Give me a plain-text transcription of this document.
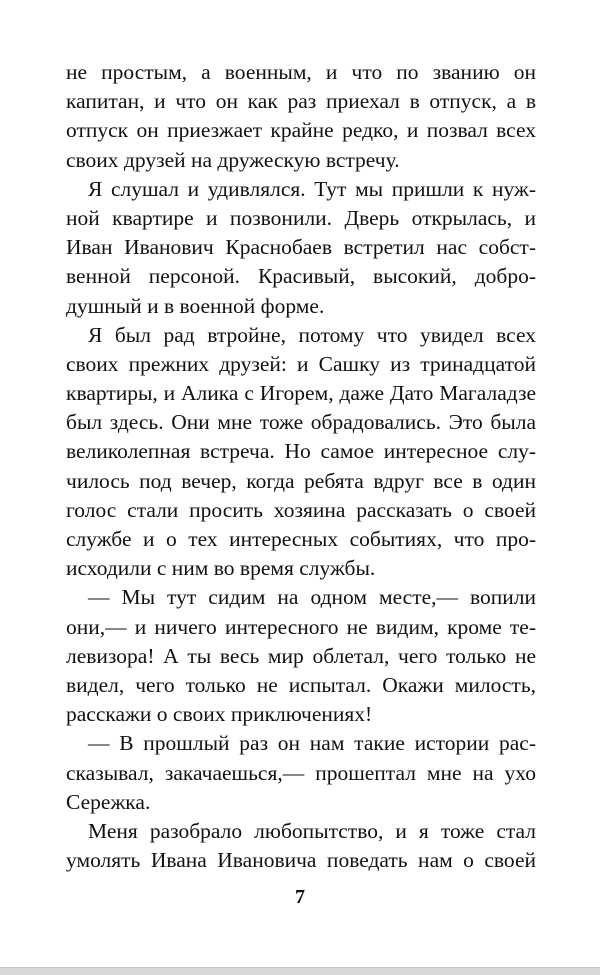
не простым, а военным, и что по званию он
капитан, и что он как раз приехал в отпуск, а в
отпуск он приезжает крайне редко, и позвал всех
своих друзей на дружескую встречу.
Я слушал и удивлялся. Тут мы пришли к нуж-
ной квартире и позвонили. Дверь открылась, и
Иван Иванович Краснобаев встретил нас собст-
венной персоной. Красивый, высокий, добро-
душный и в военной форме.
Я был рад втройне, потому что увидел всех
своих прежних друзей: и Сашку из тринадцатой
квартиры, и Алика с Игорем, даже Дато Магаладзе
был здесь. Они мне тоже обрадовались. Это была
великолепная встреча. Но самое интересное слу-
чилось под вечер, когда ребята вдруг все в один
голос стали просить хозяина рассказать о своей
службе и о тех интересных событиях, что про-
исходили с ним во время службы.
— Мы тут сидим на одном месте,— вопили
они,— и ничего интересного не видим, кроме те-
левизора! А ты весь мир облетал, чего только не
видел, чего только не испытал. Окажи милость,
расскажи о своих приключениях!
— В прошлый раз он нам такие истории рас-
сказывал, закачаешься,— прошептал мне на ухо
Сережка.
Меня разобрало любопытство, и я тоже стал
умолять Ивана Ивановича поведать нам о своей
7
